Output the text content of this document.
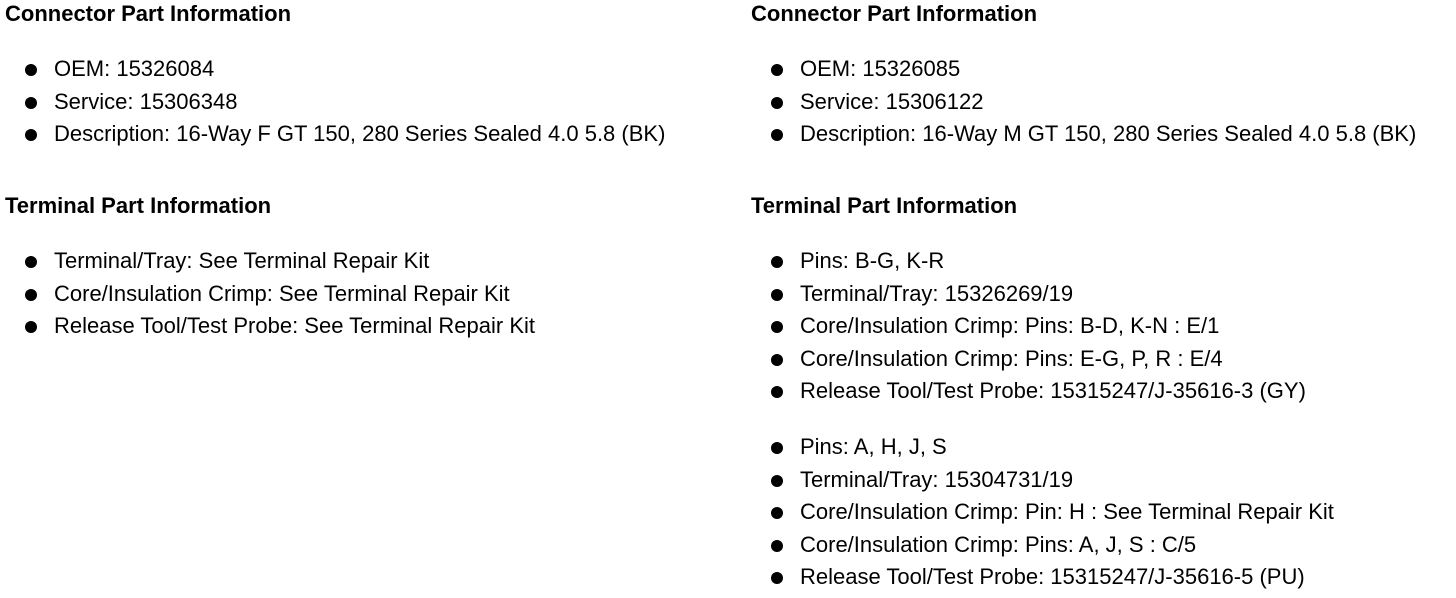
Connector Part Information
OEM: 15326084
Service: 15306348
Description: 16-Way F GT 150, 280 Series Sealed 4.0 5.8 (BK)
Terminal Part Information
Terminal/Tray: See Terminal Repair Kit
Core/Insulation Crimp: See Terminal Repair Kit
Release Tool/Test Probe: See Terminal Repair Kit
Connector Part Information
OEM: 15326085
Service: 15306122
Description: 16-Way M GT 150, 280 Series Sealed 4.0 5.8 (BK)
Terminal Part Information
Pins: B-G, K-R
Terminal/Tray: 15326269/19
Core/Insulation Crimp: Pins: B-D, K-N : E/1
Core/Insulation Crimp: Pins: E-G, P, R : E/4
Release Tool/Test Probe: 15315247/J-35616-3 (GY)
Pins: A, H, J, S
Terminal/Tray: 15304731/19
Core/Insulation Crimp: Pin: H : See Terminal Repair Kit
Core/Insulation Crimp: Pins: A, J, S : C/5
Release Tool/Test Probe: 15315247/J-35616-5 (PU)
